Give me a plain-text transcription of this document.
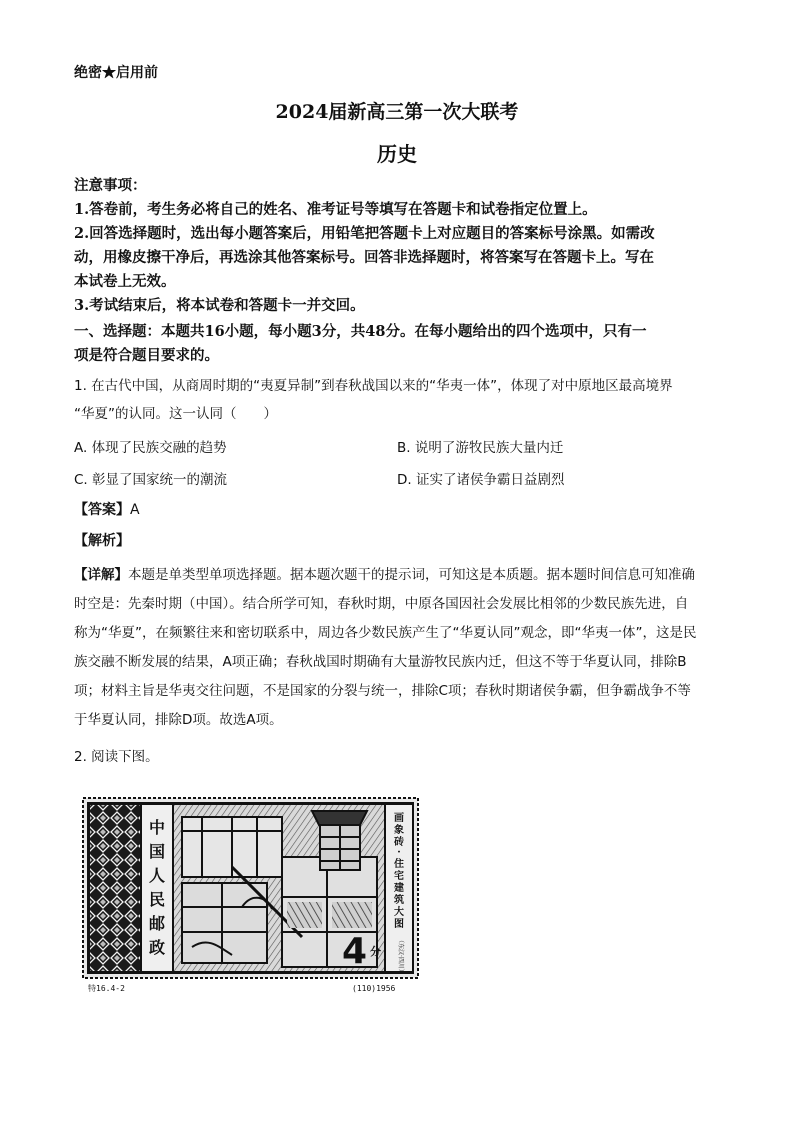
绝密★启用前
2024届新高三第一次大联考
历史
注意事项：
1.答卷前，考生务必将自己的姓名、准考证号等填写在答题卡和试卷指定位置上。
2.回答选择题时，选出每小题答案后，用铅笔把答题卡上对应题目的答案标号涂黑。如需改
动，用橡皮擦干净后，再选涂其他答案标号。回答非选择题时，将答案写在答题卡上。写在
本试卷上无效。
3.考试结束后，将本试卷和答题卡一并交回。
一、选择题：本题共16小题，每小题3分，共48分。在每小题给出的四个选项中，只有一
项是符合题目要求的。
1. 在古代中国，从商周时期的“夷夏异制”到春秋战国以来的“华夷一体”，体现了对中原地区最高境界
“华夏”的认同。这一认同（　　）
A. 体现了民族交融的趋势	B. 说明了游牧民族大量内迁
C. 彰显了国家统一的潮流	D. 证实了诸侯争霸日益剧烈
【答案】A
【解析】
【详解】本题是单类型单项选择题。据本题次题干的提示词，可知这是本质题。据本题时间信息可知准确
时空是：先秦时期（中国）。结合所学可知，春秋时期，中原各国因社会发展比相邻的少数民族先进，自
称为“华夏”，在频繁往来和密切联系中，周边各少数民族产生了“华夏认同”观念，即“华夷一体”，这是民
族交融不断发展的结果，A项正确；春秋战国时期确有大量游牧民族内迁，但这不等于华夏认同，排除B
项；材料主旨是华夷交往问题，不是国家的分裂与统一，排除C项；春秋时期诸侯争霸，但争霸战争不等
于华夏认同，排除D项。故选A项。
2. 阅读下图。
4 分
中
国
人
民
邮
政
画
象
砖
·
住
宅
建
筑
大
图
（东汉·四川）
特16.4-2	(110)1956
